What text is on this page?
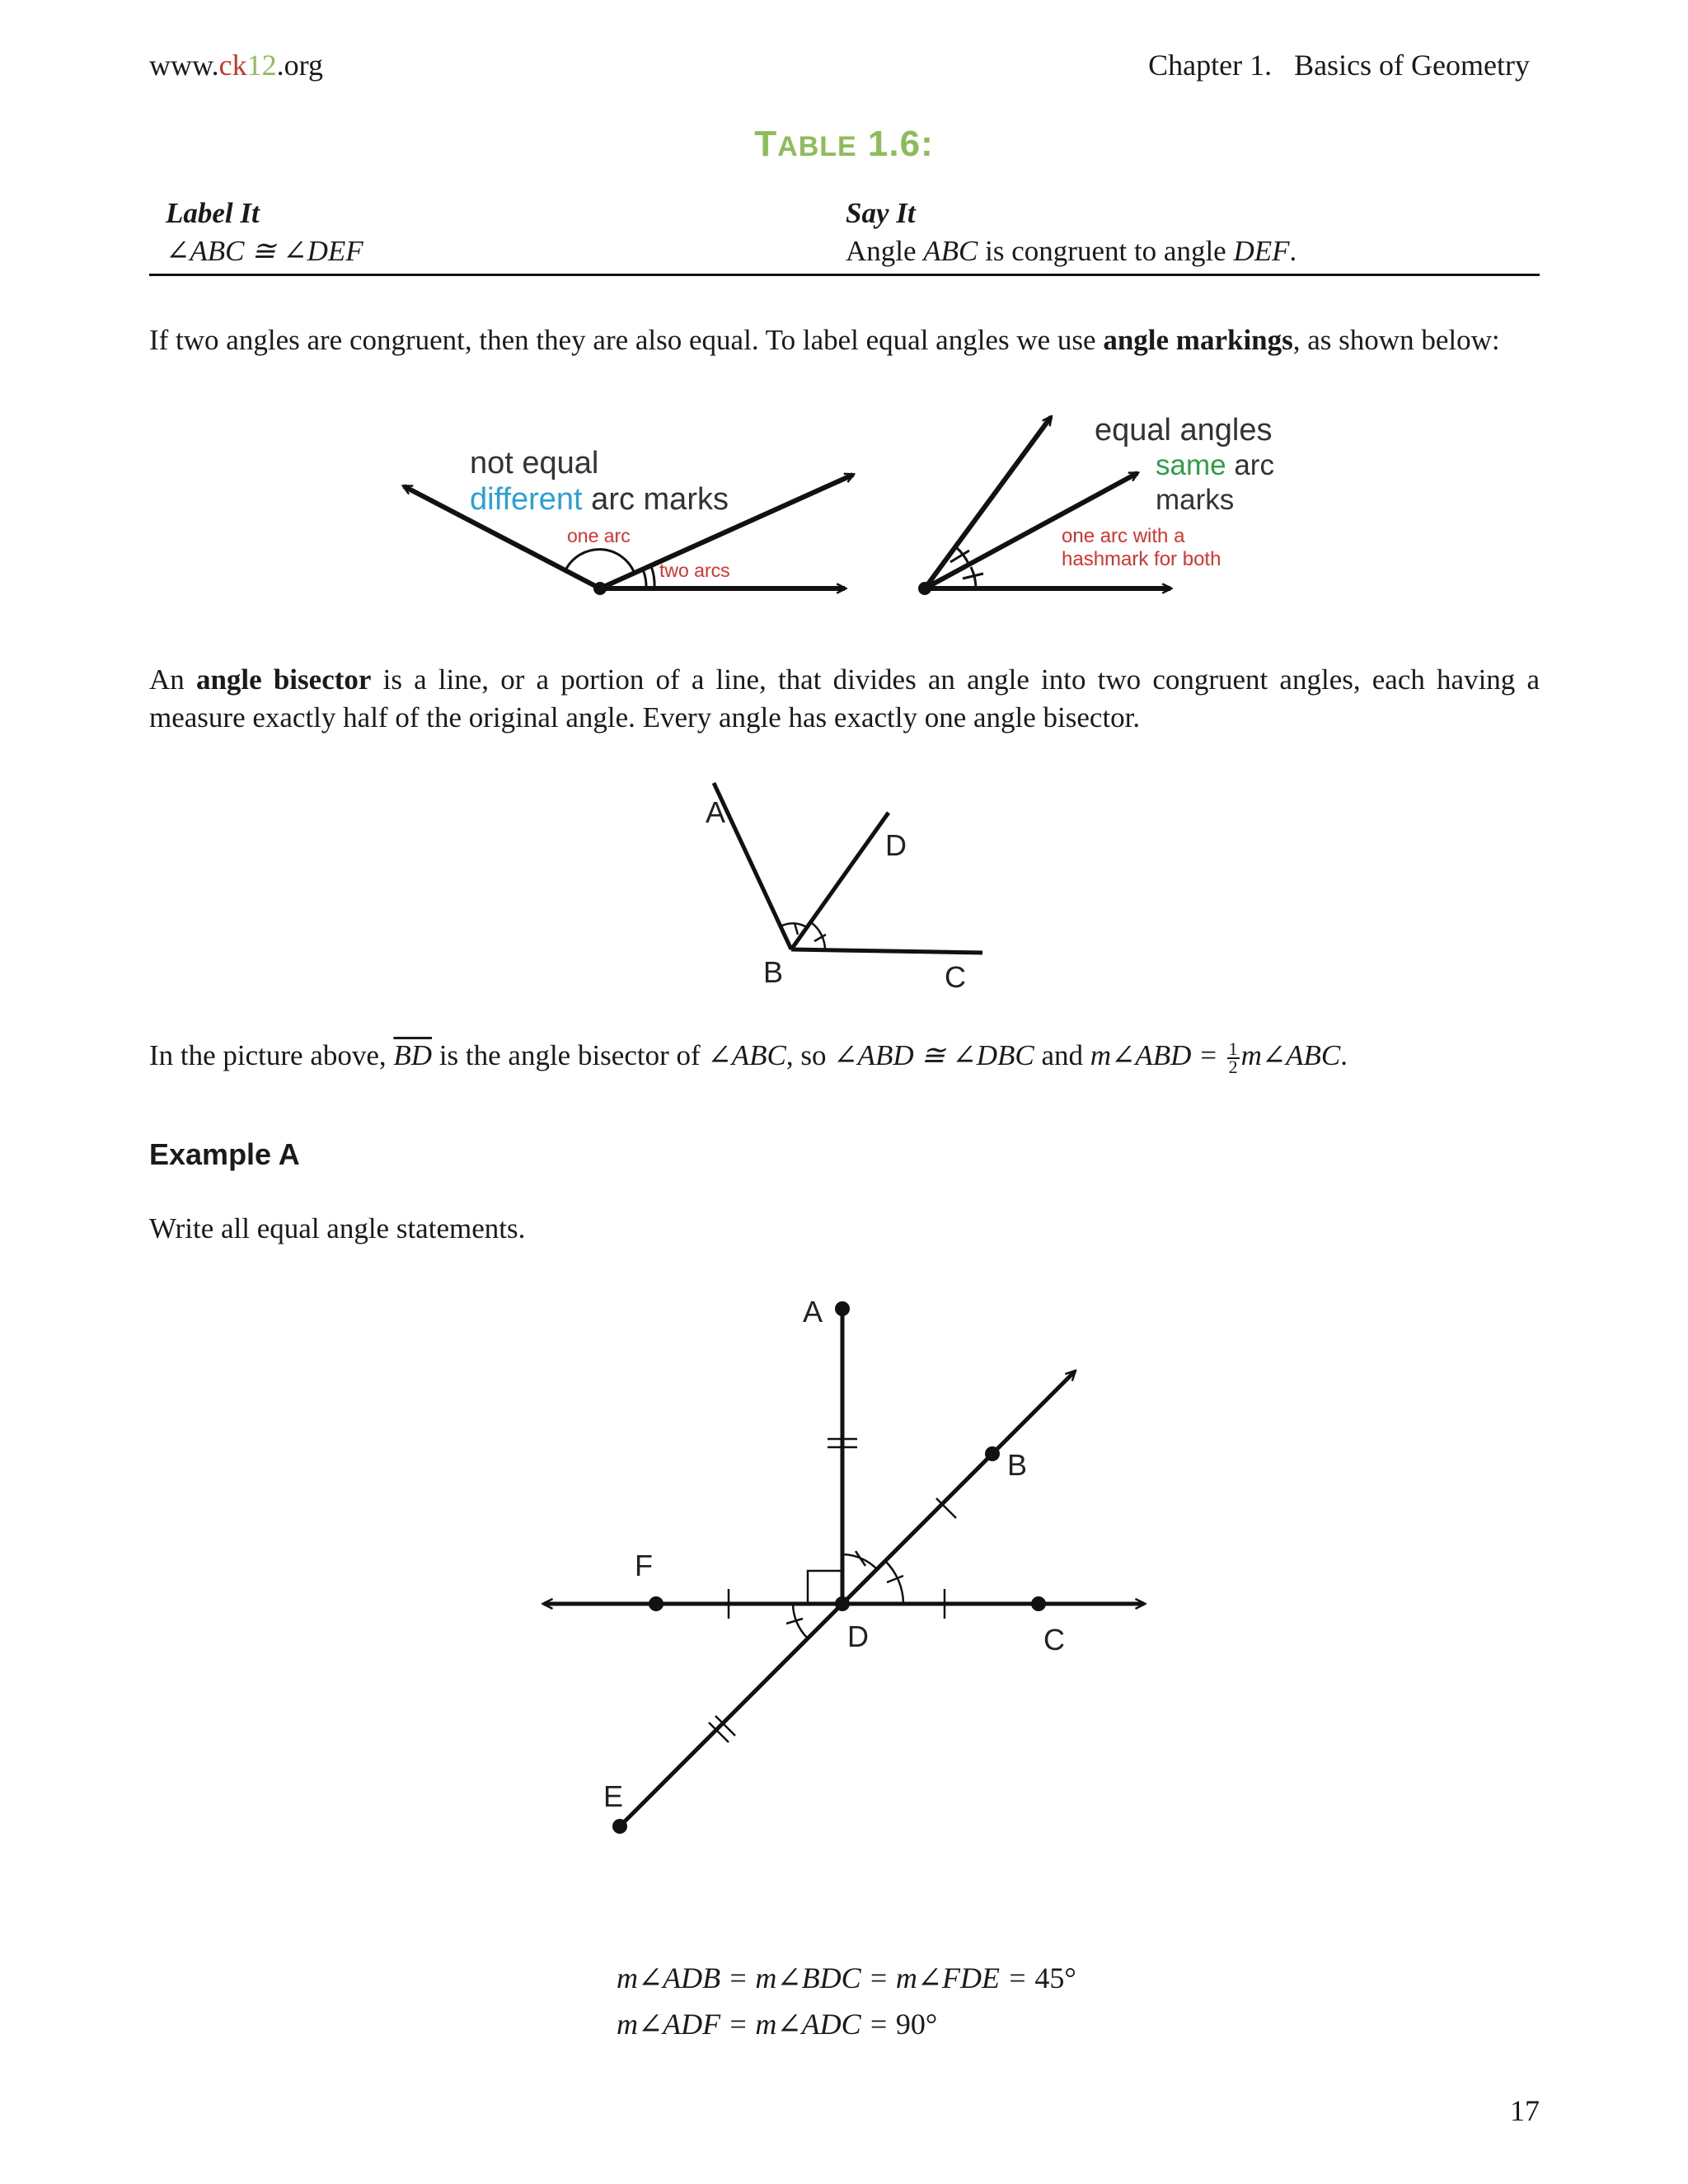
www.ck12.org	Chapter 1.   Basics of Geometry
TABLE 1.6:
Label It	Say It
∠ABC ≅ ∠DEF	Angle ABC is congruent to angle DEF.
If two angles are congruent, then they are also equal. To label equal angles we use angle markings, as shown below:
not equal
different arc marks
one arc
two arcs
equal angles
same arc
marks
one arc with a
hashmark for both
An angle bisector is a line, or a portion of a line, that divides an angle into two congruent angles, each having a measure exactly half of the original angle. Every angle has exactly one angle bisector.
A
D
B	C
In the picture above, $\overline{BD}$ is the angle bisector of ∠ABC, so ∠ABD ≅ ∠DBC and m∠ABD = $\frac{1}{2}$ m∠ABC.
Example A
Write all equal angle statements.
A
B
C
D
E
F
m∠ADB = m∠BDC = m∠FDE = 45°
m∠ADF = m∠ADC = 90°
17
